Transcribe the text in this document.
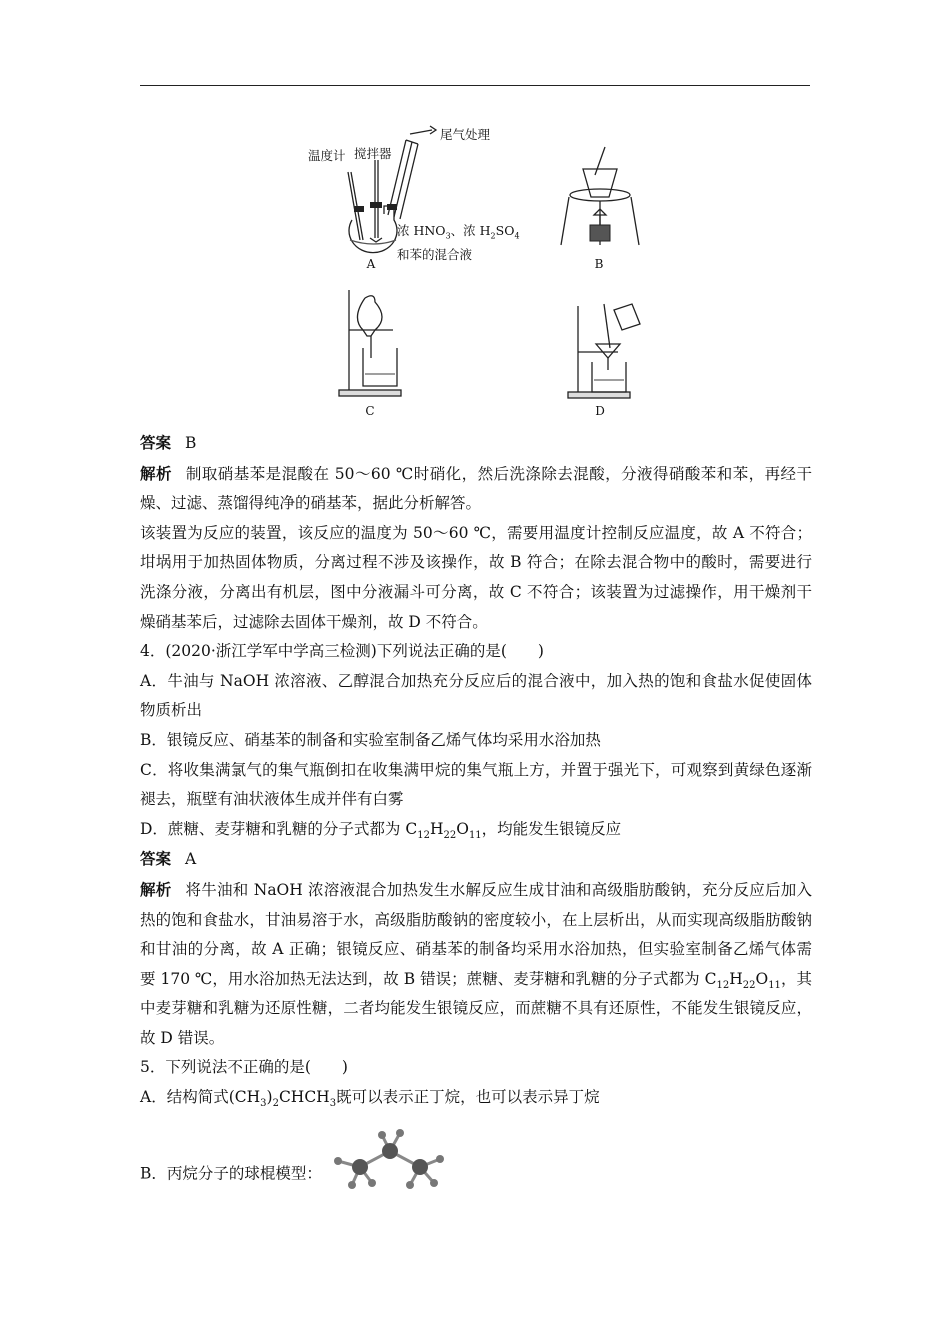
温度计 搅拌器
尾气处理
浓 $HNO_3$、浓 $H_2SO_4$
和苯的混合液
A	B
C	D

答案 B

解析 制取硝基苯是混酸在 50～60 ℃时硝化，然后洗涤除去混酸，分液得硝酸苯和苯，再经干燥、过滤、蒸馏得纯净的硝基苯，据此分析解答。

该装置为反应的装置，该反应的温度为 50～60 ℃，需要用温度计控制反应温度，故 A 不符合；坩埚用于加热固体物质，分离过程不涉及该操作，故 B 符合；在除去混合物中的酸时，需要进行洗涤分液，分离出有机层，图中分液漏斗可分离，故 C 不符合；该装置为过滤操作，用干燥剂干燥硝基苯后，过滤除去固体干燥剂，故 D 不符合。

4．(2020·浙江学军中学高三检测)下列说法正确的是(　　)

A．牛油与 NaOH 浓溶液、乙醇混合加热充分反应后的混合液中，加入热的饱和食盐水促使固体物质析出

B．银镜反应、硝基苯的制备和实验室制备乙烯气体均采用水浴加热

C．将收集满氯气的集气瓶倒扣在收集满甲烷的集气瓶上方，并置于强光下，可观察到黄绿色逐渐褪去，瓶壁有油状液体生成并伴有白雾

D．蔗糖、麦芽糖和乳糖的分子式都为 $C_{12}H_{22}O_{11}$，均能发生银镜反应

答案 A

解析 将牛油和 NaOH 浓溶液混合加热发生水解反应生成甘油和高级脂肪酸钠，充分反应后加入热的饱和食盐水，甘油易溶于水，高级脂肪酸钠的密度较小，在上层析出，从而实现高级脂肪酸钠和甘油的分离，故 A 正确；银镜反应、硝基苯的制备均采用水浴加热，但实验室制备乙烯气体需要 170 ℃，用水浴加热无法达到，故 B 错误；蔗糖、麦芽糖和乳糖的分子式都为 $C_{12}H_{22}O_{11}$，其中麦芽糖和乳糖为还原性糖，二者均能发生银镜反应，而蔗糖不具有还原性，不能发生银镜反应，故 D 错误。

5．下列说法不正确的是(　　)

A．结构简式$(CH_3)_2CHCH_3$既可以表示正丁烷，也可以表示异丁烷

B．丙烷分子的球棍模型：
